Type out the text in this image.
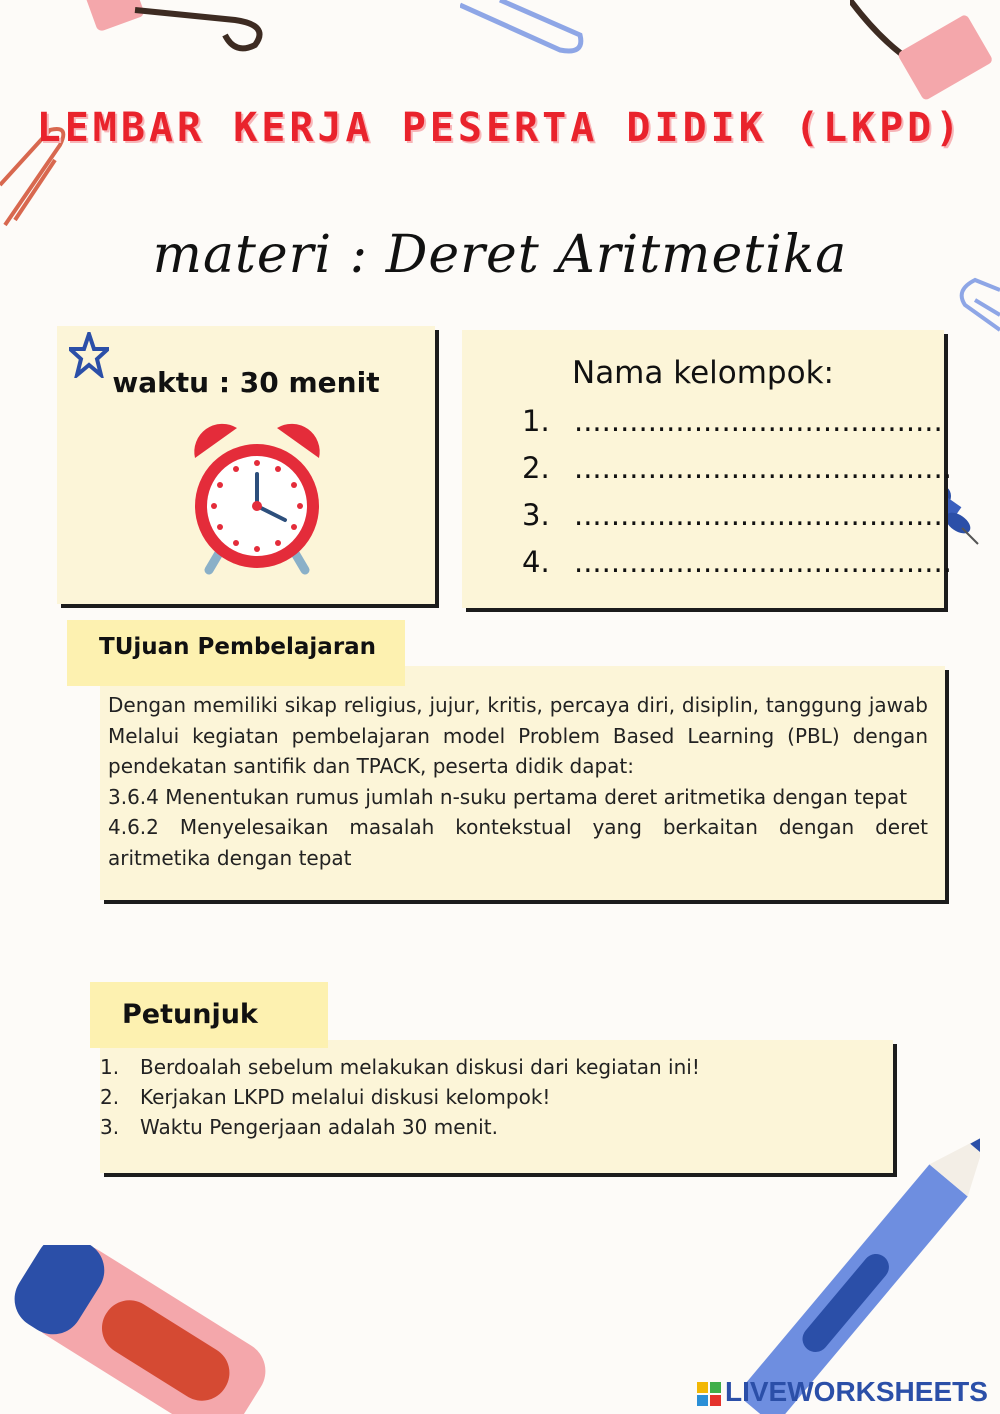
LEMBAR KERJA PESERTA DIDIK (LKPD)
materi : Deret Aritmetika
waktu : 30 menit	Nama kelompok:
1. ........................................
2. .........................................
3. ........................................
4. .........................................

Dengan memiliki sikap religius, jujur, kritis, percaya diri, disiplin, tanggung jawab Melalui kegiatan pembelajaran model Problem Based Learning (PBL) dengan pendekatan santifik dan TPACK, peserta didik dapat:

3.6.4 Menentukan rumus jumlah n-suku pertama deret aritmetika dengan tepat

4.6.2 Menyelesaikan masalah kontekstual yang berkaitan dengan deret aritmetika dengan tepat

TUjuan Pembelajaran
1. Berdoalah sebelum melakukan diskusi dari kegiatan ini!
2. Kerjakan LKPD melalui diskusi kelompok!
3. Waktu Pengerjaan adalah 30 menit.
Petunjuk
LIVEWORKSHEETS
